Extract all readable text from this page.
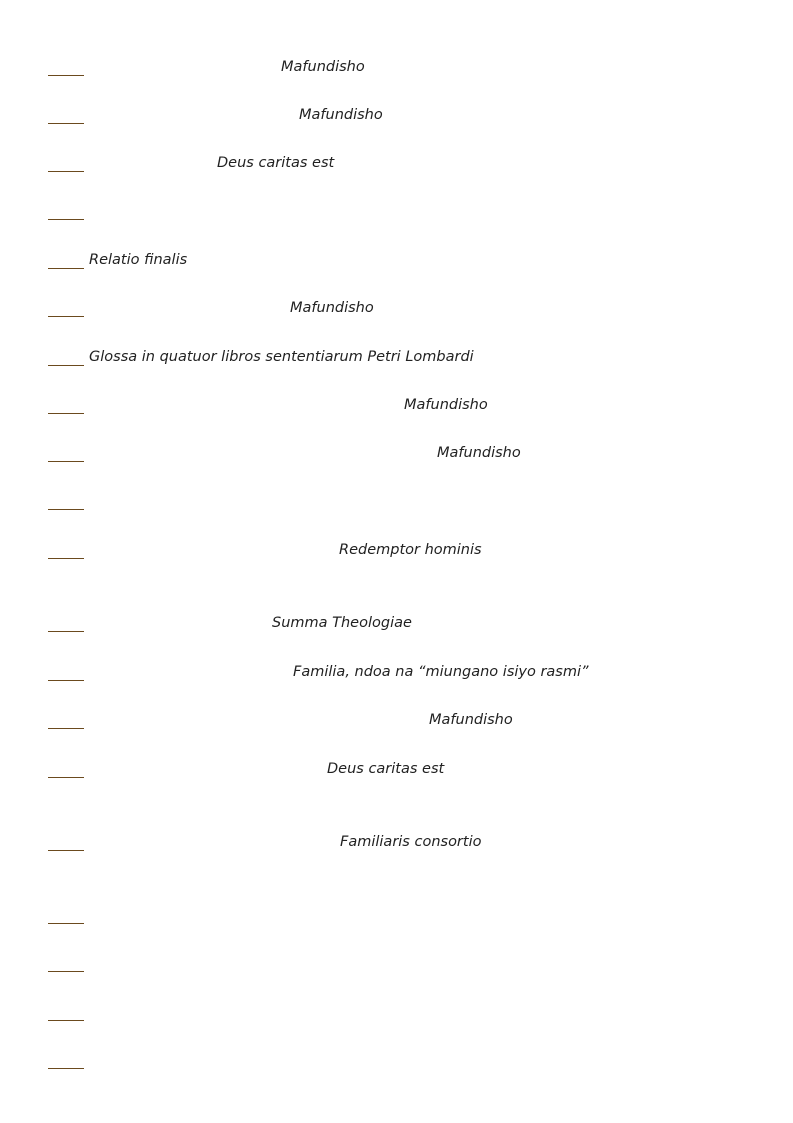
Mafundisho
Mafundisho
Deus caritas est
Relatio finalis
Mafundisho
Glossa in quatuor libros sententiarum Petri Lombardi
Mafundisho
Mafundisho
Redemptor hominis
Summa Theologiae
Familia, ndoa na “miungano isiyo rasmi”
Mafundisho
Deus caritas est
Familiaris consortio
